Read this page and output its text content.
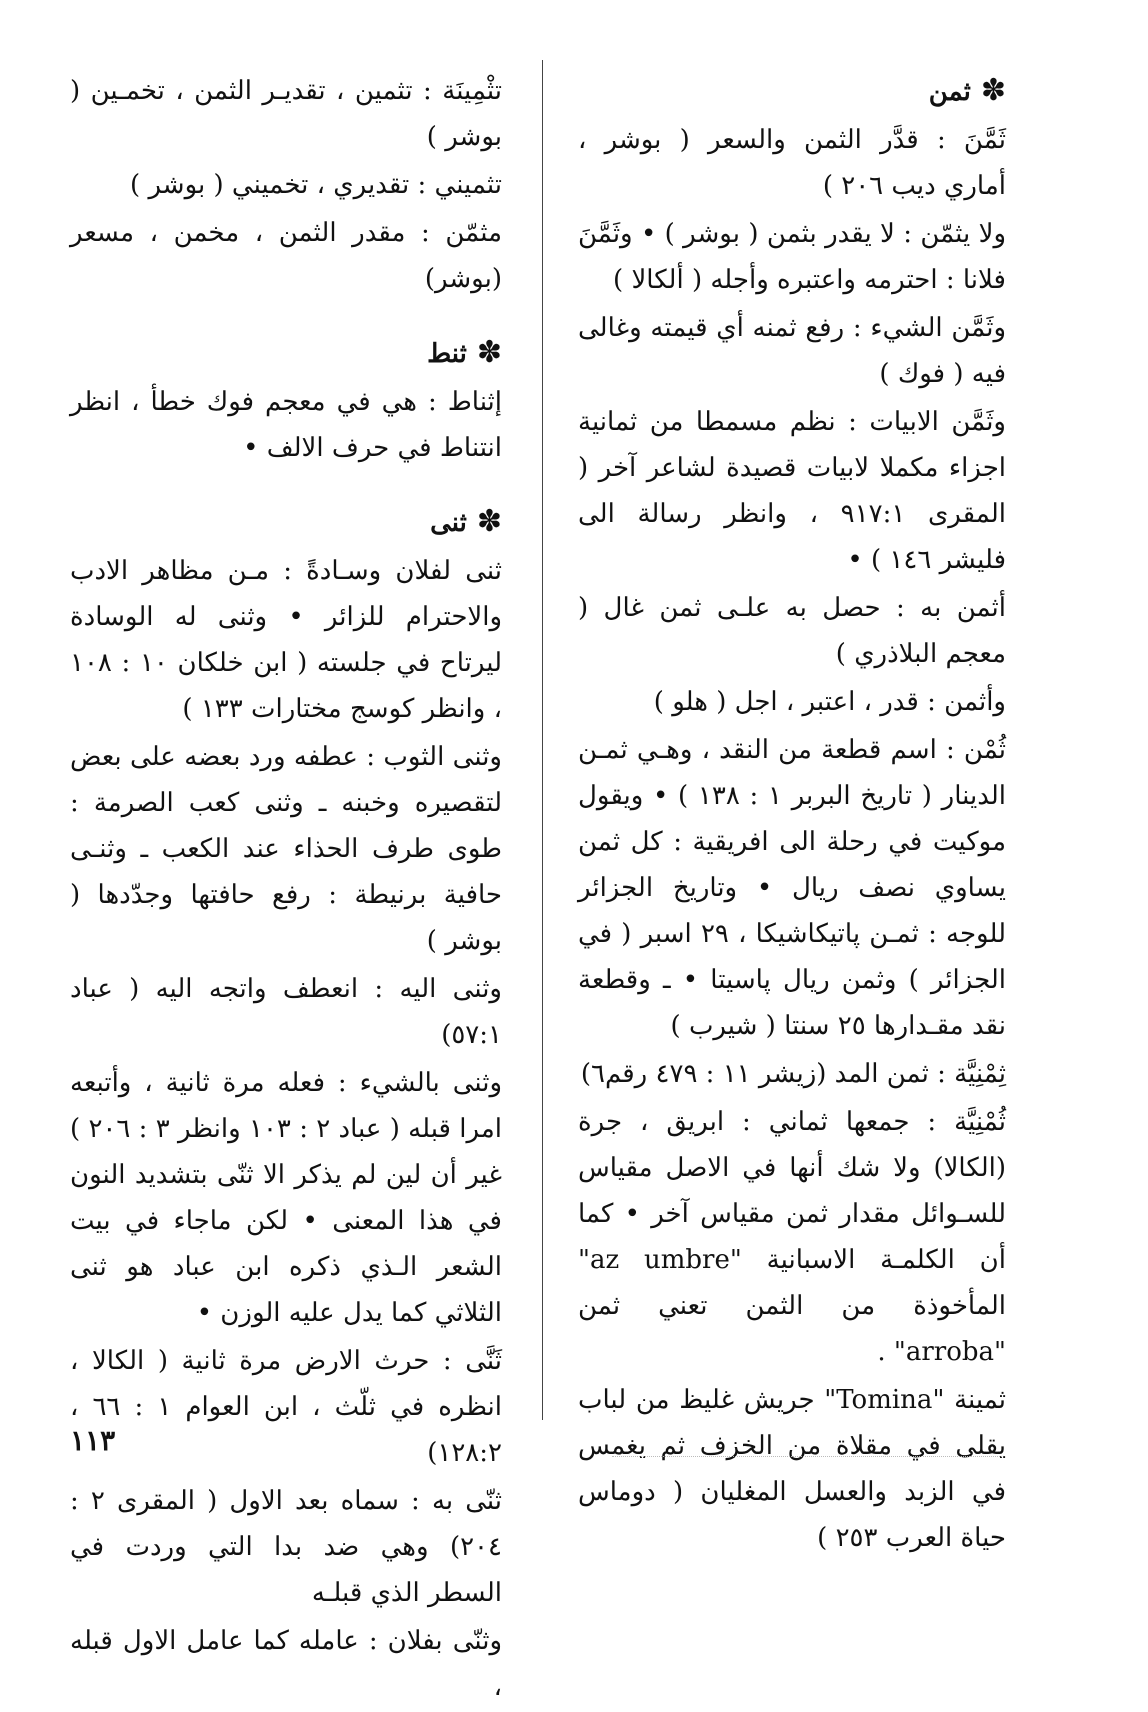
✽ثمن

ثَمَّنَ : قدَّر الثمن والسعر ( بوشر ، أماري ديب ٢٠٦ )

ولا يثمّن : لا يقدر بثمن ( بوشر ) • وثَمَّنَ فلانا : احترمه واعتبره وأجله ( ألكالا )

وثَمَّن الشيء : رفع ثمنه أي قيمته وغالى فيه ( فوك )

وثَمَّن الابيات : نظم مسمطا من ثمانية اجزاء مكملا لابيات قصيدة لشاعر آخر ( المقرى ٩١٧:١ ، وانظر رسالة الى فليشر ١٤٦ ) •

أثمن به : حصل به علـى ثمن غال ( معجم البلاذري )

وأثمن : قدر ، اعتبر ، اجل ( هلو )

ثُمْن : اسم قطعة من النقد ، وهـي ثمـن الدينار ( تاريخ البربر ١ : ١٣٨ ) • ويقول موكيت في رحلة الى افريقية : كل ثمن يساوي نصف ريال • وتاريخ الجزائر للوجه : ثمـن پاتيكاشيكا ، ٢٩ اسبر ( في الجزائر ) وثمن ريال پاسيتا • ـ وقطعة نقد مقـدارها ٢٥ سنتا ( شيرب )

ثِمْنِيَّة : ثمن المد (زيشر ١١ : ٤٧٩ رقم٦)

ثُمْنِيَّة : جمعها ثماني : ابريق ، جرة (الكالا) ولا شك أنها في الاصل مقياس للسـوائل مقدار ثمن مقياس آخر • كما أن الكلمـة الاسبانية "az umbre" المأخوذة من الثمن تعني ثمن "arroba" .

ثمينة "Tomina" جريش غليظ من لباب يقلى في مقلاة من الخزف ثم يغمس في الزبد والعسل المغليان ( دوماس حياة العرب ٢٥٣ )

تثْمِينَة : تثمين ، تقديـر الثمن ، تخمـين ( بوشر )

تثميني : تقديري ، تخميني ( بوشر )

مثمّن : مقدر الثمن ، مخمن ، مسعر (بوشر)

✽ثنط

إثناط : هي في معجم فوك خطأ ، انظر انتناط في حرف الالف •

✽ثنى

ثنى لفلان وسـادةً : مـن مظاهر الادب والاحترام للزائر • وثنى له الوسادة ليرتاح في جلسته ( ابن خلكان ١٠ : ١٠٨ ، وانظر كوسج مختارات ١٣٣ )

وثنى الثوب : عطفه ورد بعضه على بعض لتقصيره وخبنه ـ وثنى كعب الصرمة : طوى طرف الحذاء عند الكعب ـ وثنـى حافية برنيطة : رفع حافتها وجدّدها ( بوشر )

وثنى اليه : انعطف واتجه اليه ( عباد ٥٧:١)

وثنى بالشيء : فعله مرة ثانية ، وأتبعه امرا قبله ( عباد ٢ : ١٠٣ وانظر ٣ : ٢٠٦ ) غير أن لين لم يذكر الا ثنّى بتشديد النون في هذا المعنى • لكن ماجاء في بيت الشعر الـذي ذكره ابن عباد هو ثنى الثلاثي كما يدل عليه الوزن •

ثَنَّى : حرث الارض مرة ثانية ( الكالا ، انظره في ثلّث ، ابن العوام ١ : ٦٦ ، ١٢٨:٢)

ثنّى به : سماه بعد الاول ( المقرى ٢ : ٢٠٤) وهي ضد بدا التي وردت في السطر الذي قبلـه

وثنّى بفلان : عامله كما عامل الاول قبله ،

١١٣
